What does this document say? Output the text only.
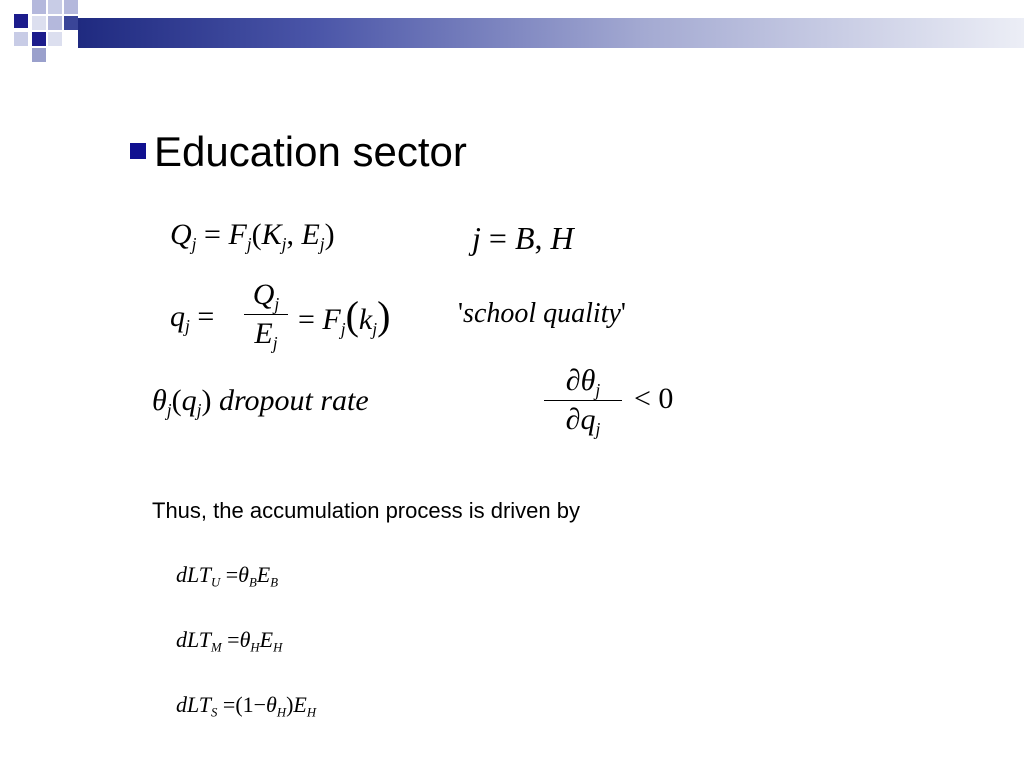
Education sector
$Q_j = F_j(K_j$, $E_j$)	j = B, H
$q_j$ =
$Q_j$
$E_j$
= $F_j(k_j)$ 'school quality'
$\theta_j(q_j)$ dropout rate
$\partial\theta_j$
$\partial q_j$
< 0
Thus, the accumulation process is driven by
$dLT_U =\theta_BE_B$
$dLT_M =\theta_HE_H$
$dLT_S =(1-\theta_H)E_H$
